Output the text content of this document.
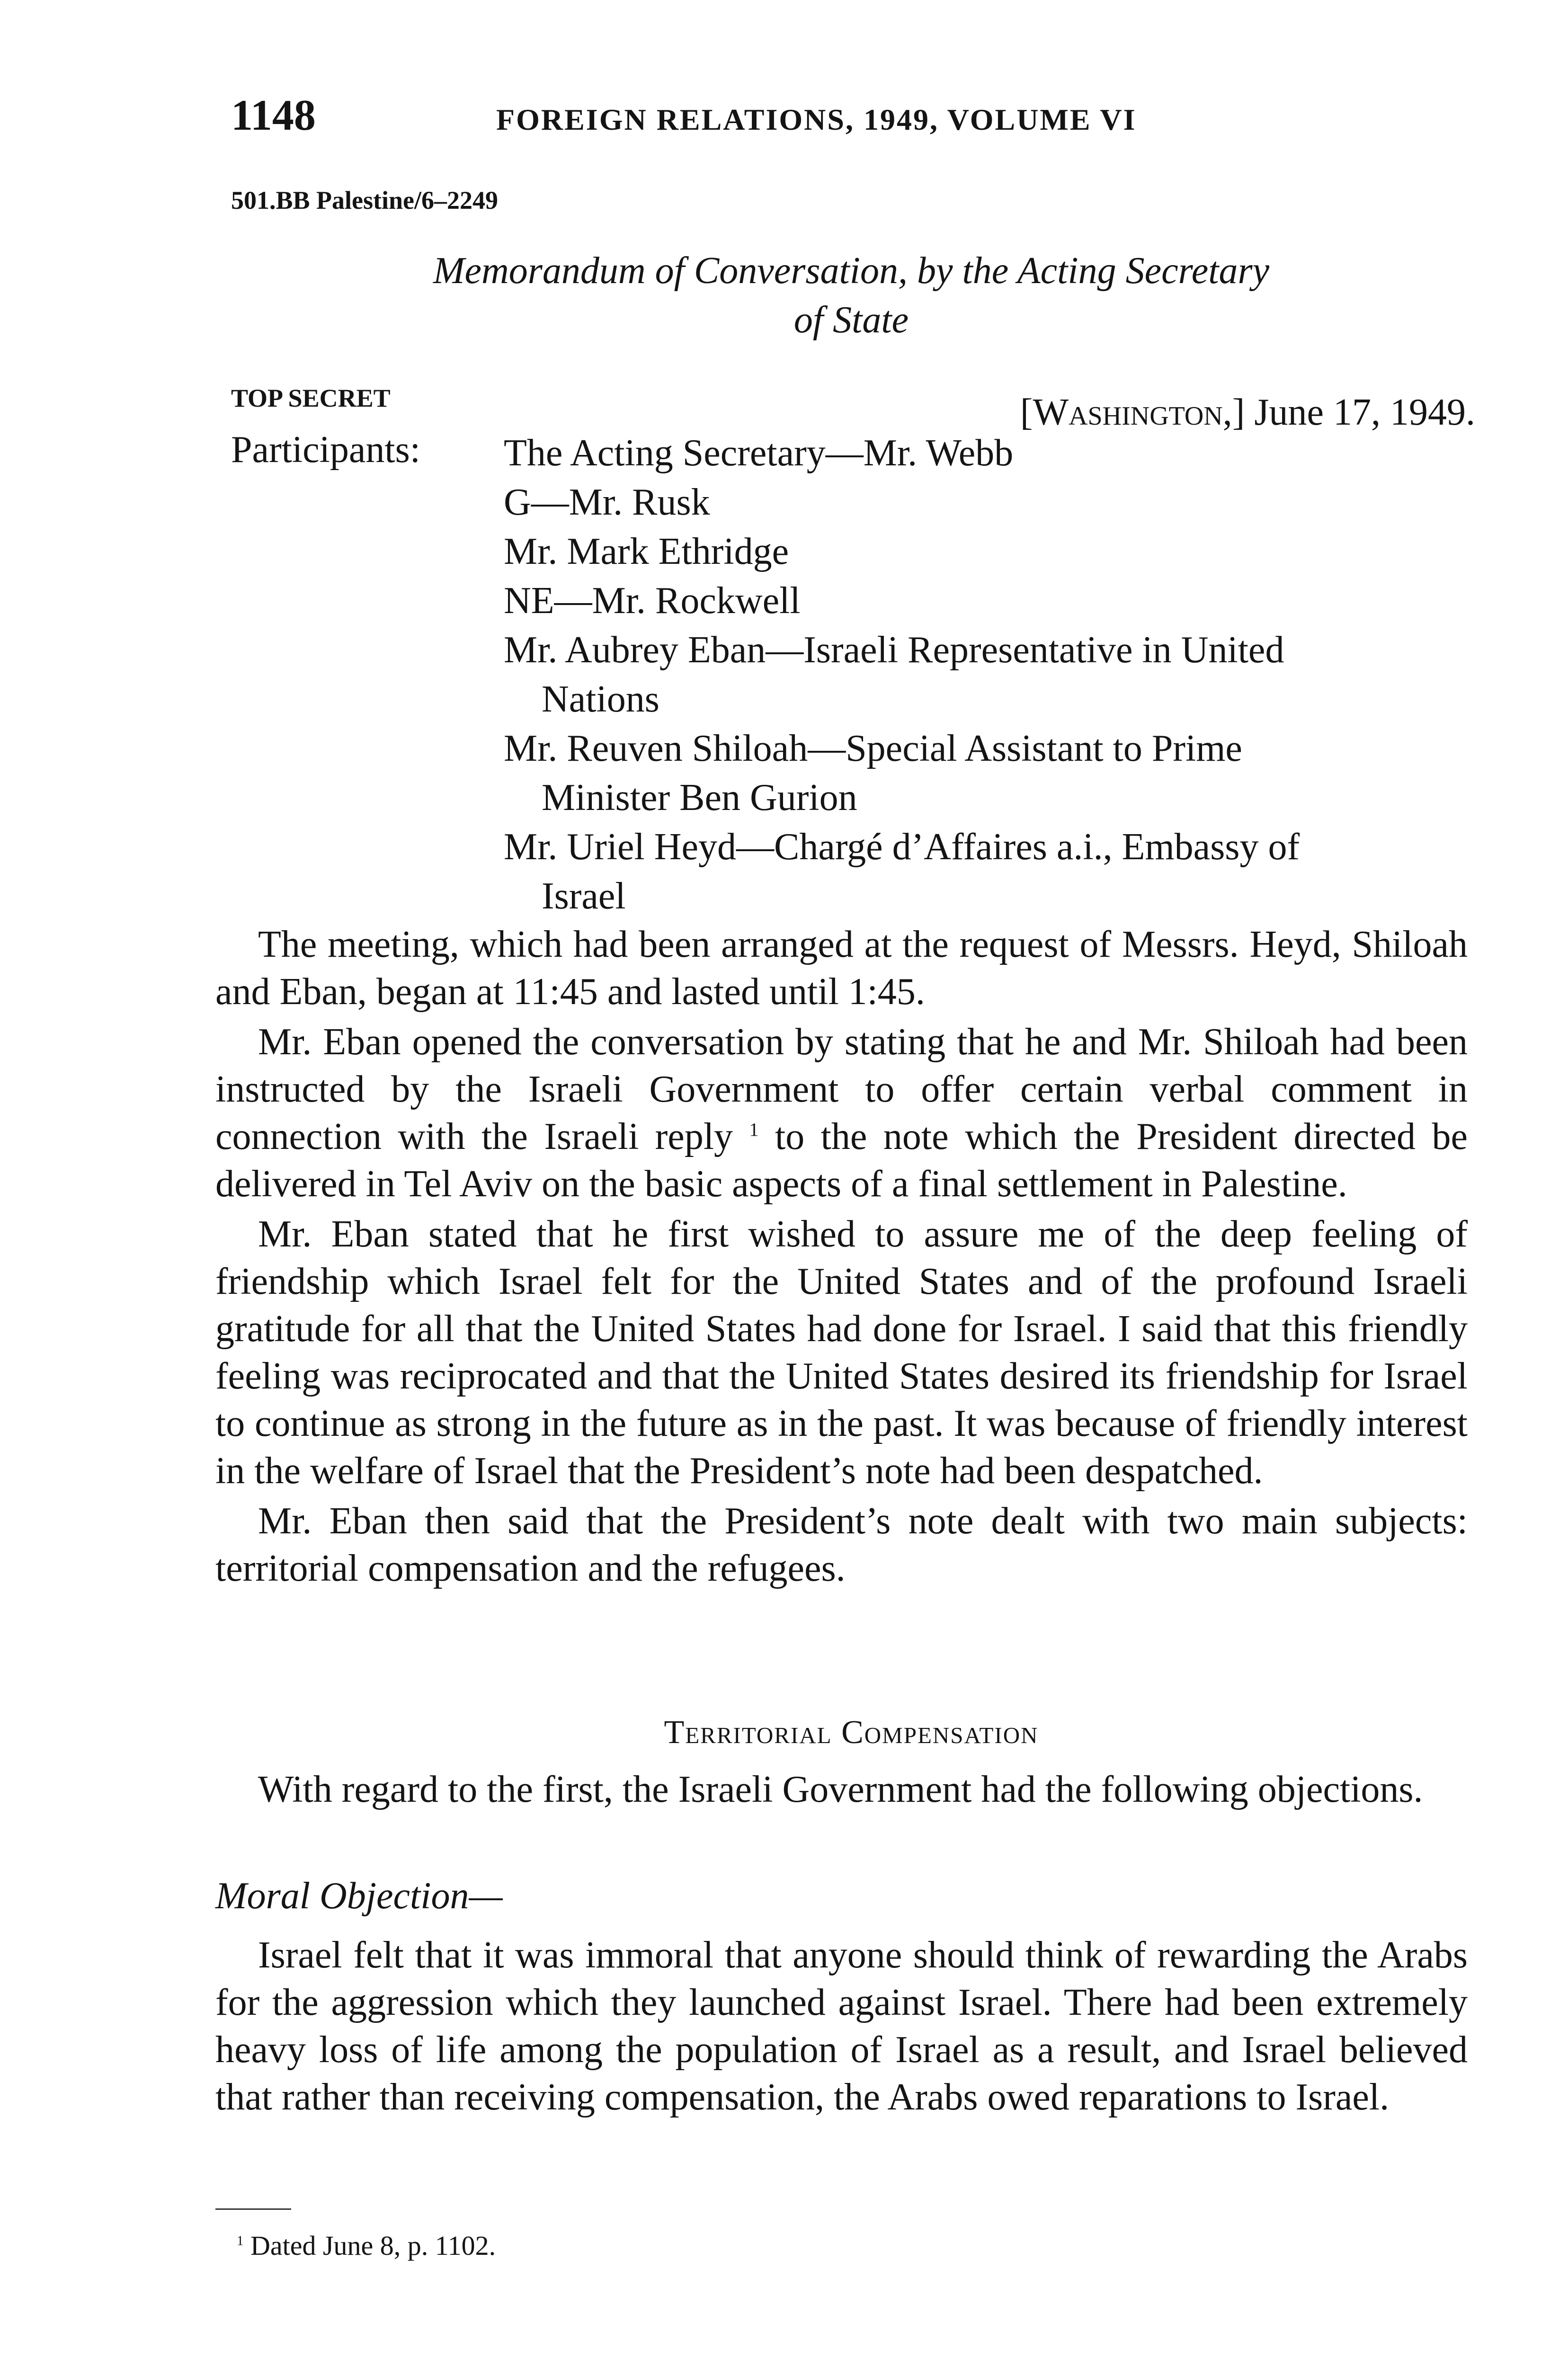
1148	FOREIGN RELATIONS, 1949, VOLUME VI
501.BB Palestine/6–2249
Memorandum of Conversation, by the Acting Secretary
of State
TOP SECRET	[Washington,] June 17, 1949.
Participants: The Acting Secretary—Mr. Webb
G—Mr. Rusk
Mr. Mark Ethridge
NE—Mr. Rockwell
Mr. Aubrey Eban—Israeli Representative in United
Nations
Mr. Reuven Shiloah—Special Assistant to Prime
Minister Ben Gurion
Mr. Uriel Heyd—Chargé d’Affaires a.i., Embassy of
Israel

The meeting, which had been arranged at the request of Messrs. Heyd, Shiloah and Eban, began at 11:45 and lasted until 1:45.

Mr. Eban opened the conversation by stating that he and Mr. Shiloah had been instructed by the Israeli Government to offer certain verbal comment in connection with the Israeli reply $^1$ to the note which the President directed be delivered in Tel Aviv on the basic aspects of a final settlement in Palestine.

Mr. Eban stated that he first wished to assure me of the deep feeling of friendship which Israel felt for the United States and of the profound Israeli gratitude for all that the United States had done for Israel. I said that this friendly feeling was reciprocated and that the United States desired its friendship for Israel to continue as strong in the future as in the past. It was because of friendly interest in the welfare of Israel that the President’s note had been despatched.

Mr. Eban then said that the President’s note dealt with two main subjects: territorial compensation and the refugees.

Territorial Compensation

With regard to the first, the Israeli Government had the following objections.

Moral Objection—

Israel felt that it was immoral that anyone should think of rewarding the Arabs for the aggression which they launched against Israel. There had been extremely heavy loss of life among the population of Israel as a result, and Israel believed that rather than receiving compensation, the Arabs owed reparations to Israel.

$^1$ Dated June 8, p. 1102.
